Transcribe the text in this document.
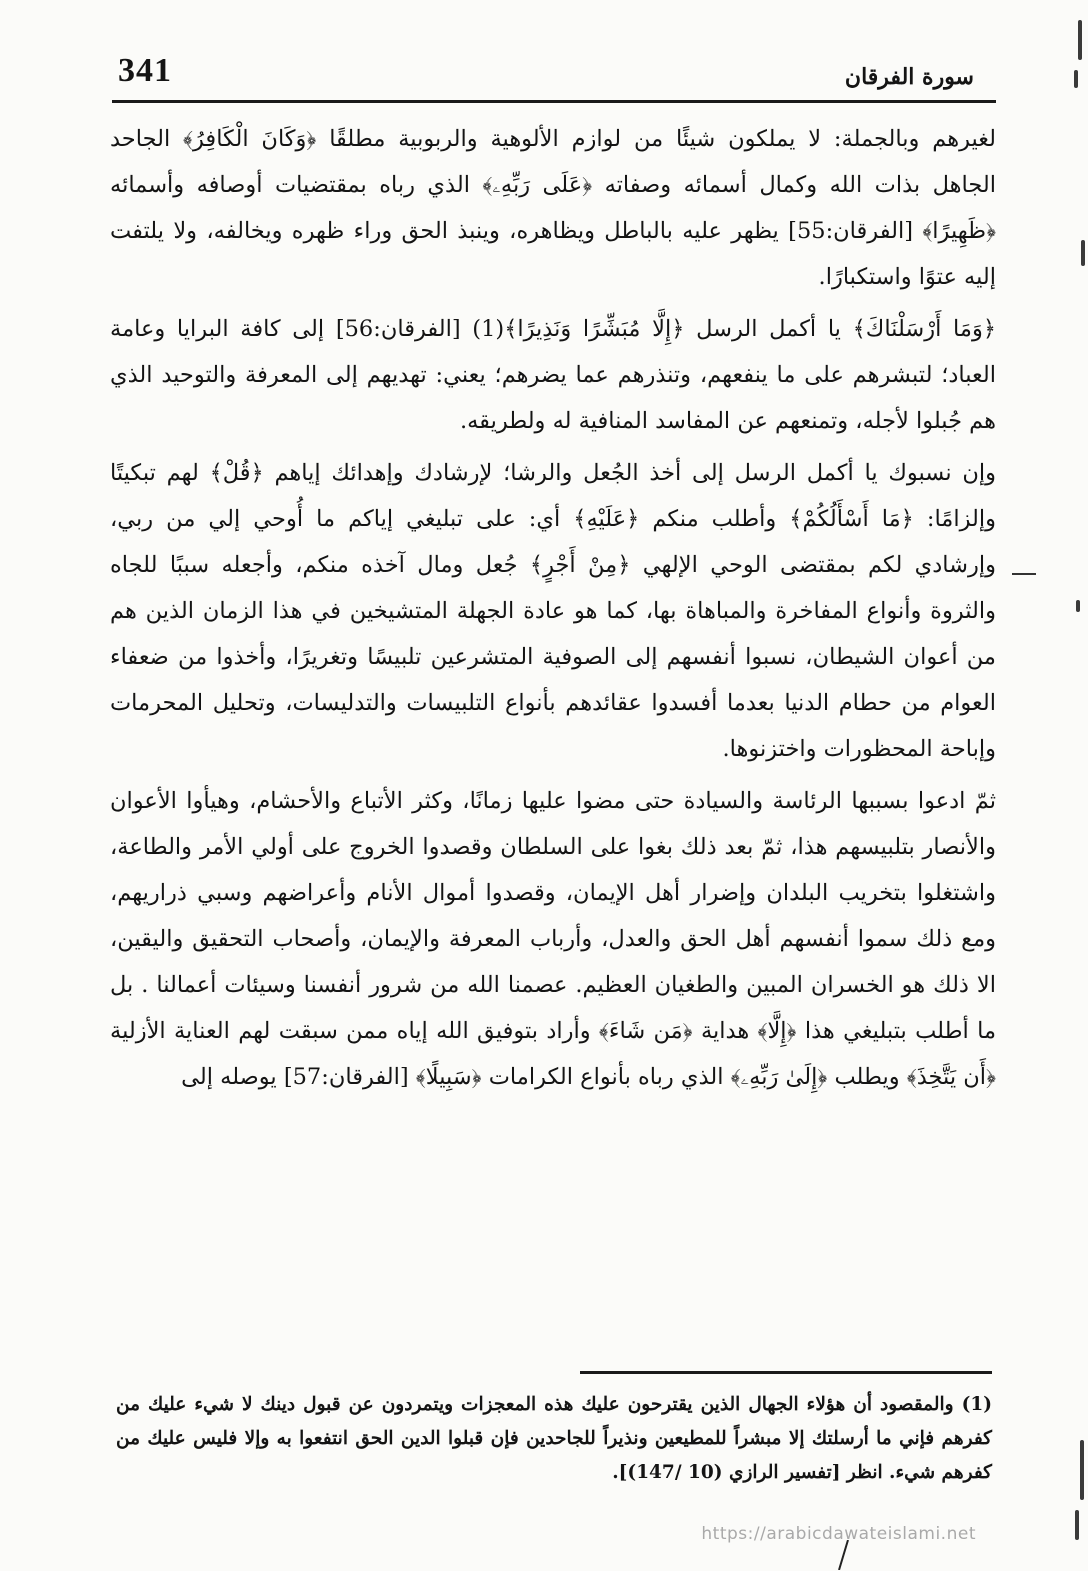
341	سورة الفرقان

لغيرهم وبالجملة: لا يملكون شيئًا من لوازم الألوهية والربوبية مطلقًا ﴿وَكَانَ الْكَافِرُ﴾ الجاحد الجاهل بذات الله وكمال أسمائه وصفاته ﴿عَلَى رَبِّهِۦ﴾ الذي رباه بمقتضيات أوصافه وأسمائه ﴿ظَهِيرًا﴾ [الفرقان:55] يظهر عليه بالباطل ويظاهره، وينبذ الحق وراء ظهره ويخالفه، ولا يلتفت إليه عتوًا واستكبارًا.

﴿وَمَا أَرْسَلْنَاكَ﴾ يا أكمل الرسل ﴿إِلَّا مُبَشِّرًا وَنَذِيرًا﴾(1) [الفرقان:56] إلى كافة البرايا وعامة العباد؛ لتبشرهم على ما ينفعهم، وتنذرهم عما يضرهم؛ يعني: تهديهم إلى المعرفة والتوحيد الذي هم جُبلوا لأجله، وتمنعهم عن المفاسد المنافية له ولطريقه.

وإن نسبوك يا أكمل الرسل إلى أخذ الجُعل والرشا؛ لإرشادك وإهدائك إياهم ﴿قُلْ﴾ لهم تبكيتًا وإلزامًا: ﴿مَا أَسْأَلُكُمْ﴾ وأطلب منكم ﴿عَلَيْهِ﴾ أي: على تبليغي إياكم ما أُوحي إلي من ربي، وإرشادي لكم بمقتضى الوحي الإلهي ﴿مِنْ أَجْرٍ﴾ جُعل ومال آخذه منكم، وأجعله سببًا للجاه والثروة وأنواع المفاخرة والمباهاة بها، كما هو عادة الجهلة المتشيخين في هذا الزمان الذين هم من أعوان الشيطان، نسبوا أنفسهم إلى الصوفية المتشرعين تلبيسًا وتغريرًا، وأخذوا من ضعفاء العوام من حطام الدنيا بعدما أفسدوا عقائدهم بأنواع التلبيسات والتدليسات، وتحليل المحرمات وإباحة المحظورات واختزنوها.

ثمّ ادعوا بسببها الرئاسة والسيادة حتى مضوا عليها زمانًا، وكثر الأتباع والأحشام، وهيأوا الأعوان والأنصار بتلبيسهم هذا، ثمّ بعد ذلك بغوا على السلطان وقصدوا الخروج على أولي الأمر والطاعة، واشتغلوا بتخريب البلدان وإضرار أهل الإيمان، وقصدوا أموال الأنام وأعراضهم وسبي ذراريهم، ومع ذلك سموا أنفسهم أهل الحق والعدل، وأرباب المعرفة والإيمان، وأصحاب التحقيق واليقين، الا ذلك هو الخسران المبين والطغيان العظيم. عصمنا الله من شرور أنفسنا وسيئات أعمالنا . بل ما أطلب بتبليغي هذا ﴿إِلَّا﴾ هداية ﴿مَن شَاءَ﴾ وأراد بتوفيق الله إياه ممن سبقت لهم العناية الأزلية ﴿أَن يَتَّخِذَ﴾ ويطلب ﴿إِلَىٰ رَبِّهِۦ﴾ الذي رباه بأنواع الكرامات ﴿سَبِيلًا﴾ [الفرقان:57] يوصله إلى

(1) والمقصود أن هؤلاء الجهال الذين يقترحون عليك هذه المعجزات ويتمردون عن قبول دينك لا شيء عليك من كفرهم فإني ما أرسلتك إلا مبشراً للمطيعين ونذيراً للجاحدين فإن قبلوا الدين الحق انتفعوا به وإلا فليس عليك من كفرهم شيء. انظر [تفسير الرازي (10 /147)].

https://arabicdawateislami.net
